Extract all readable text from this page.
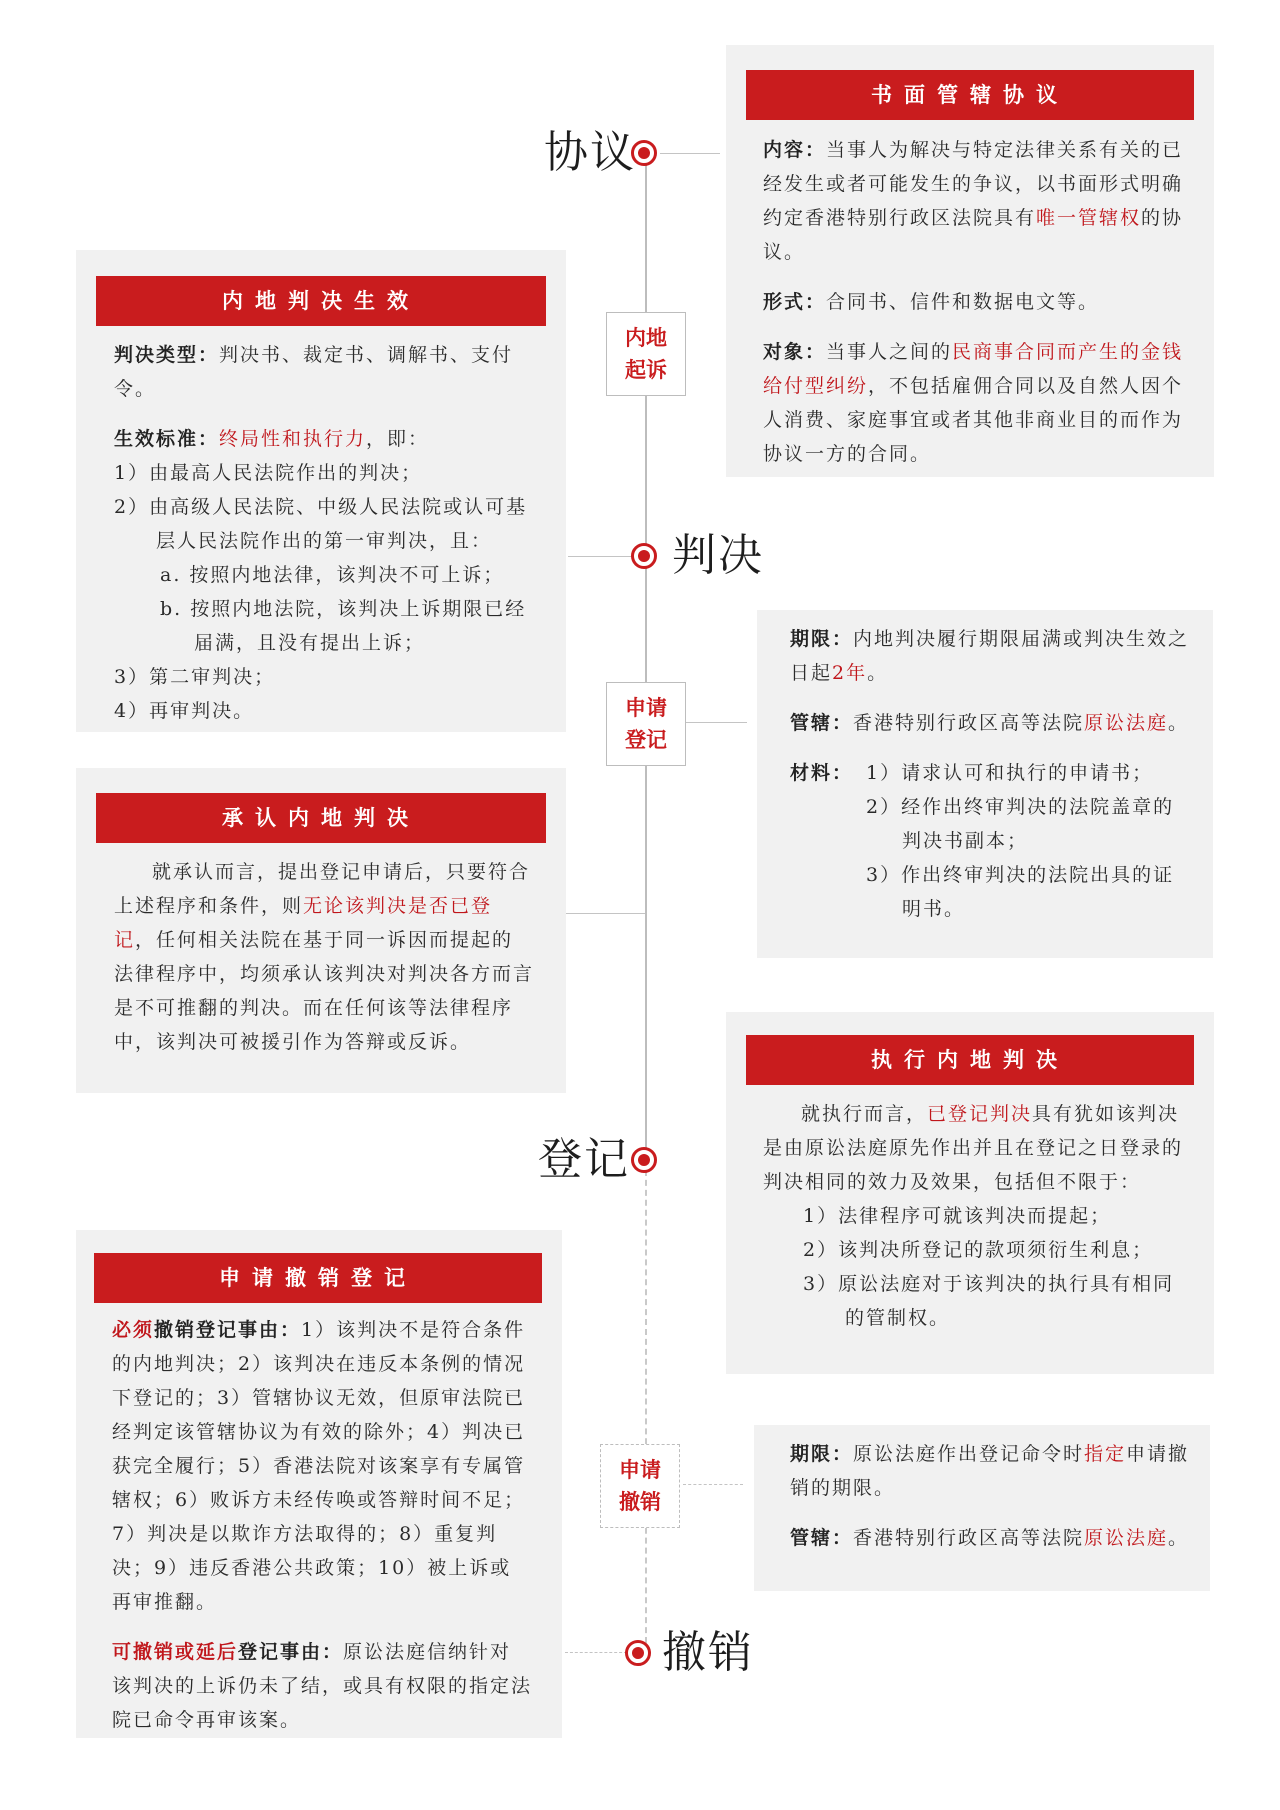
协议
判决
登记
撤销
内地起诉
申请登记
申请撤销
书面管辖协议

内容：当事人为解决与特定法律关系有关的已经发生或者可能发生的争议，以书面形式明确约定香港特别行政区法院具有唯一管辖权的协议。

形式：合同书、信件和数据电文等。

对象：当事人之间的民商事合同而产生的金钱给付型纠纷，不包括雇佣合同以及自然人因个人消费、家庭事宜或者其他非商业目的而作为协议一方的合同。

内地判决生效

判决类型：判决书、裁定书、调解书、支付令。

生效标准：终局性和执行力，即：
1）由最高人民法院作出的判决；
2）由高级人民法院、中级人民法院或认可基层人民法院作出的第一审判决，且：
a. 按照内地法律，该判决不可上诉；
b. 按照内地法院，该判决上诉期限已经届满，且没有提出上诉；
3）第二审判决；
4）再审判决。

期限：内地判决履行期限届满或判决生效之日起2年。

管辖：香港特别行政区高等法院原讼法庭。

材料： 1）请求认可和执行的申请书；
2）经作出终审判决的法院盖章的判决书副本；
3）作出终审判决的法院出具的证明书。
承认内地判决

就承认而言，提出登记申请后，只要符合上述程序和条件，则无论该判决是否已登记，任何相关法院在基于同一诉因而提起的法律程序中，均须承认该判决对判决各方而言是不可推翻的判决。而在任何该等法律程序中，该判决可被援引作为答辩或反诉。

执行内地判决
就执行而言，已登记判决具有犹如该判决是由原讼法庭原先作出并且在登记之日登录的判决相同的效力及效果，包括但不限于：
1）法律程序可就该判决而提起；
2）该判决所登记的款项须衍生利息；
3）原讼法庭对于该判决的执行具有相同的管制权。
申请撤销登记

必须撤销登记事由：1）该判决不是符合条件的内地判决；2）该判决在违反本条例的情况下登记的；3）管辖协议无效，但原审法院已经判定该管辖协议为有效的除外；4）判决已获完全履行；5）香港法院对该案享有专属管辖权；6）败诉方未经传唤或答辩时间不足；7）判决是以欺诈方法取得的；8）重复判决；9）违反香港公共政策；10）被上诉或再审推翻。

可撤销或延后登记事由：原讼法庭信纳针对该判决的上诉仍未了结，或具有权限的指定法院已命令再审该案。

期限：原讼法庭作出登记命令时指定申请撤销的期限。

管辖：香港特别行政区高等法院原讼法庭。
